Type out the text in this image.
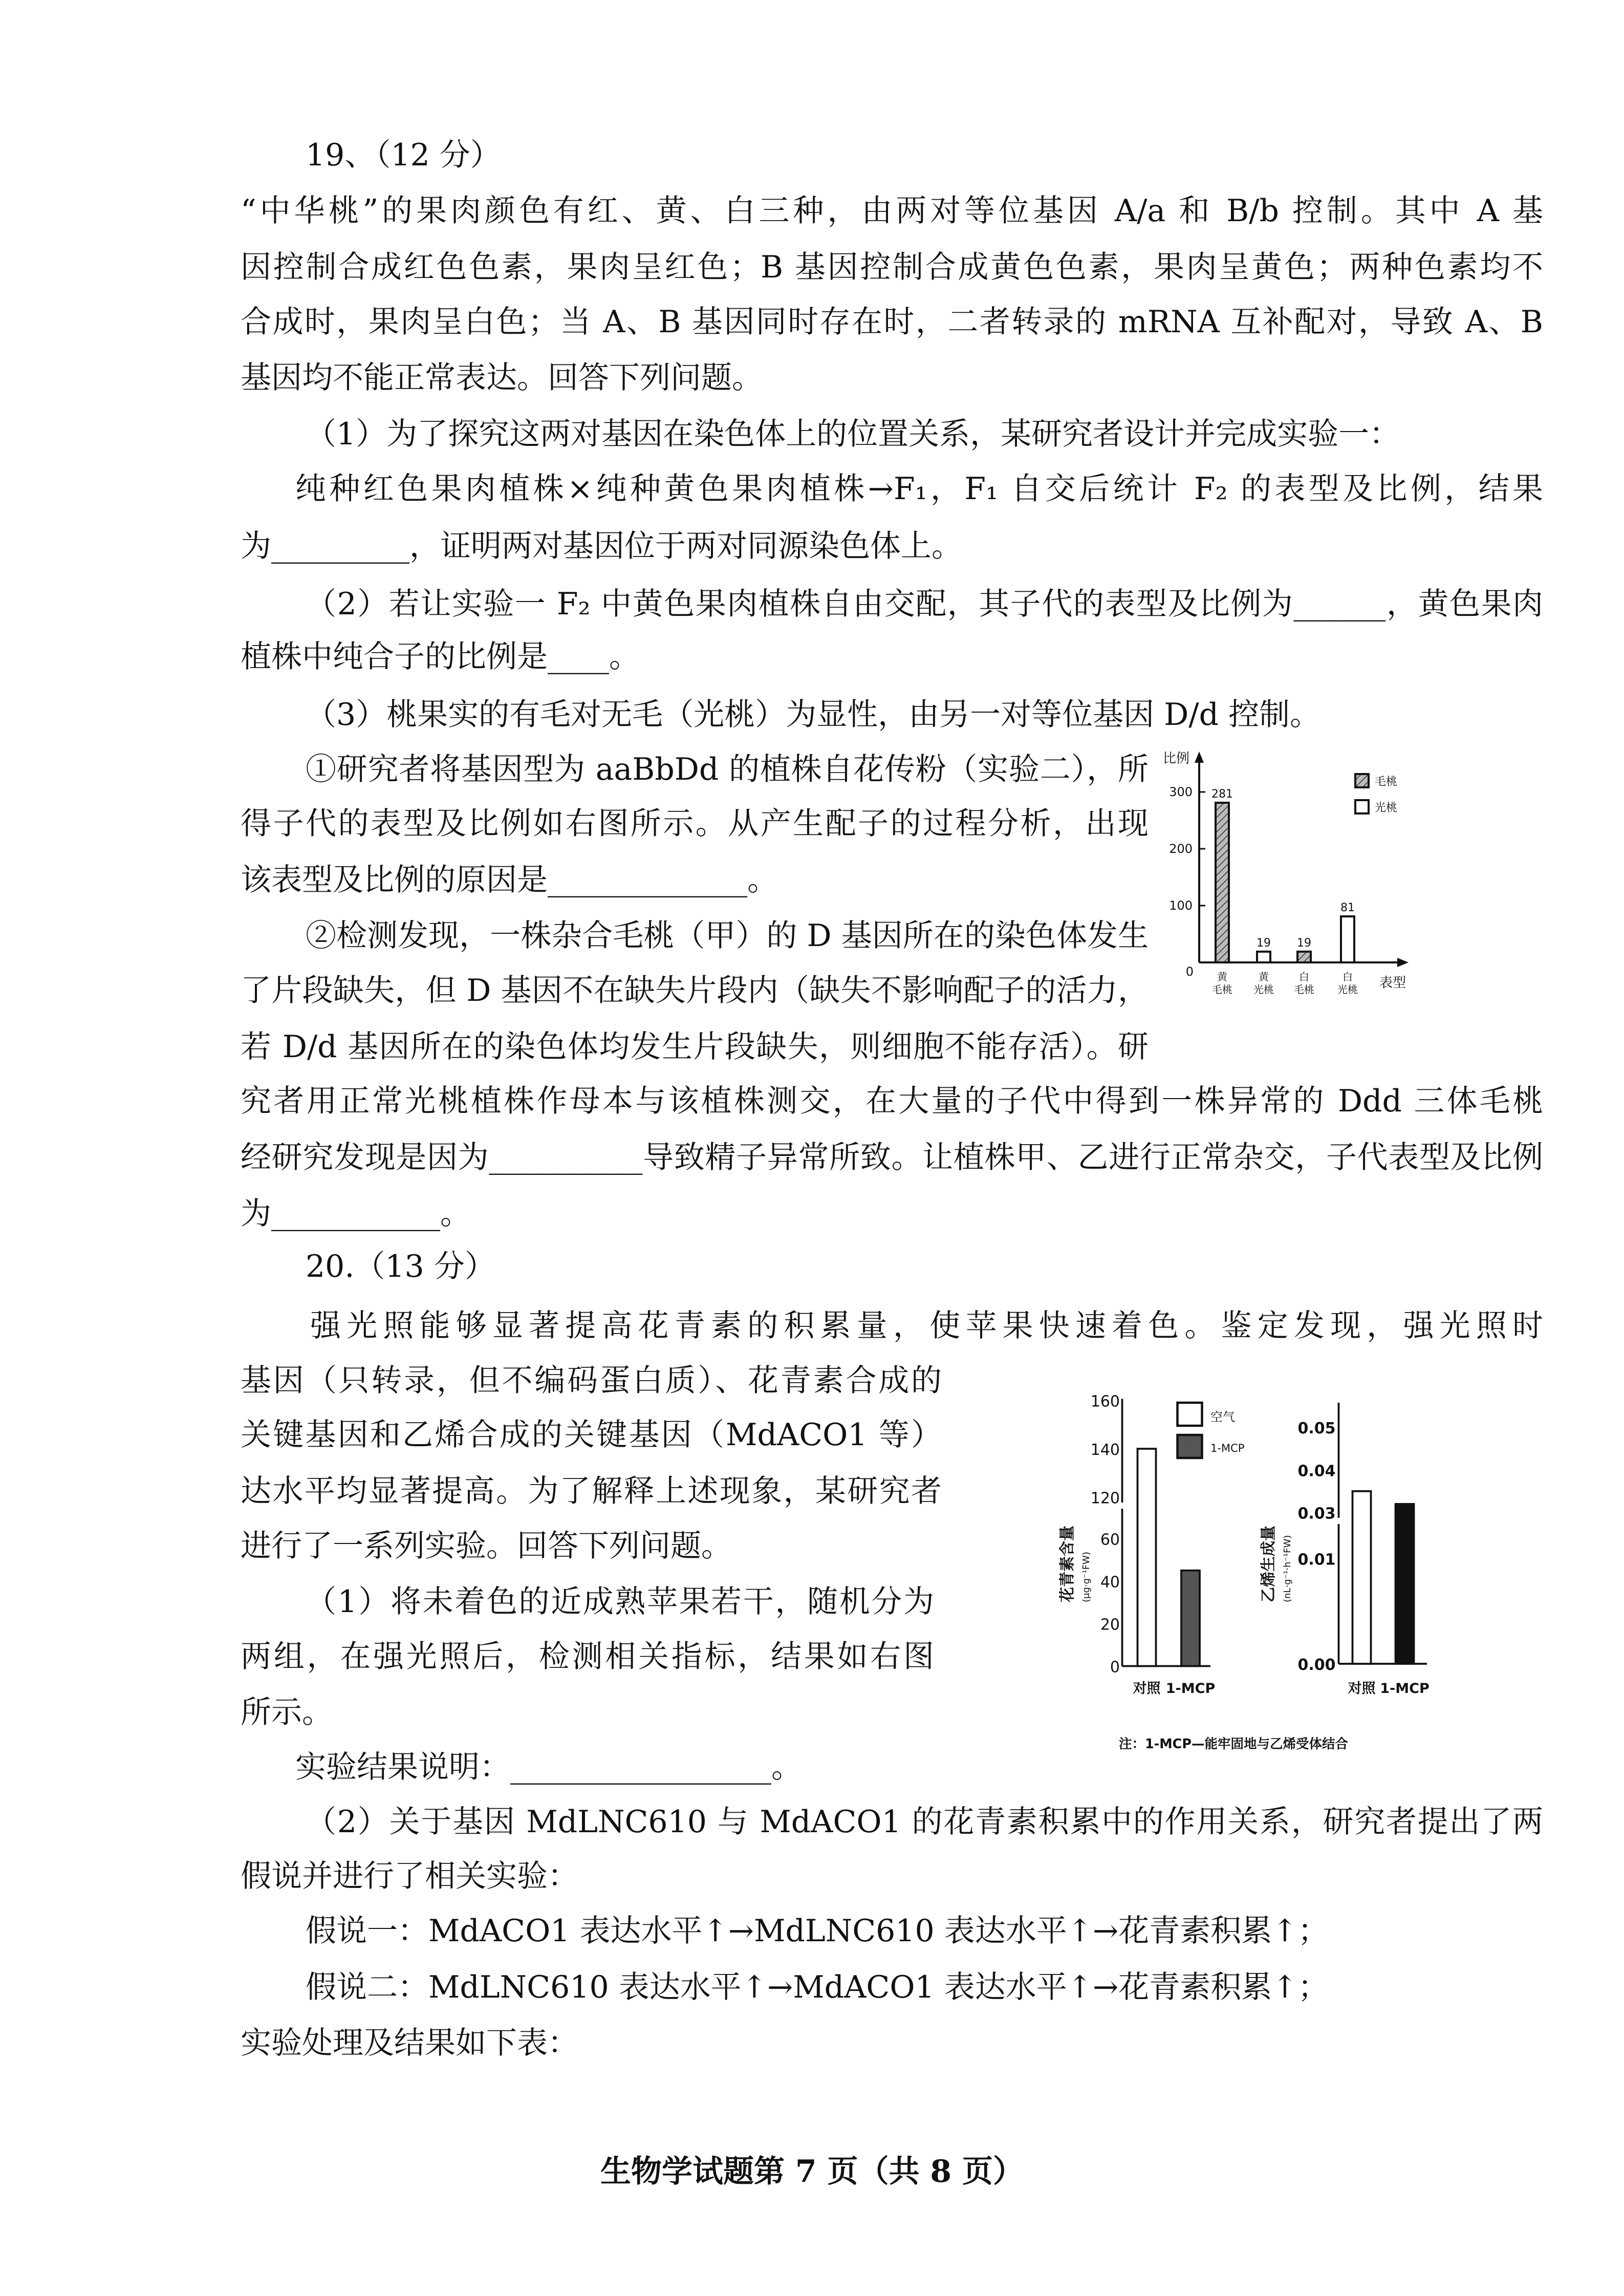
19、（12 分）
“中华桃”的果肉颜色有红、黄、白三种，由两对等位基因 A/a 和 B/b 控制。其中 A 基
因控制合成红色色素，果肉呈红色；B 基因控制合成黄色色素，果肉呈黄色；两种色素均不
合成时，果肉呈白色；当 A、B 基因同时存在时，二者转录的 mRNA 互补配对，导致 A、B
基因均不能正常表达。回答下列问题。
（1）为了探究这两对基因在染色体上的位置关系，某研究者设计并完成实验一：
纯种红色果肉植株×纯种黄色果肉植株→F₁，F₁ 自交后统计 F₂ 的表型及比例，结果
为_________，证明两对基因位于两对同源染色体上。
（2）若让实验一 F₂ 中黄色果肉植株自由交配，其子代的表型及比例为______，黄色果肉
植株中纯合子的比例是____。
（3）桃果实的有毛对无毛（光桃）为显性，由另一对等位基因 D/d 控制。
①研究者将基因型为 aaBbDd 的植株自花传粉（实验二），所
得子代的表型及比例如右图所示。从产生配子的过程分析，出现
该表型及比例的原因是_____________。
②检测发现，一株杂合毛桃（甲）的 D 基因所在的染色体发生
了片段缺失，但 D 基因不在缺失片段内（缺失不影响配子的活力，
若 D/d 基因所在的染色体均发生片段缺失，则细胞不能存活）。研
究者用正常光桃植株作母本与该植株测交，在大量的子代中得到一株异常的 Ddd 三体毛桃
经研究发现是因为__________导致精子异常所致。让植株甲、乙进行正常杂交，子代表型及比例
为___________。
20.（13 分）
强光照能够显著提高花青素的积累量，使苹果快速着色。鉴定发现，强光照时
基因（只转录，但不编码蛋白质）、花青素合成的
关键基因和乙烯合成的关键基因（MdACO1 等）
达水平均显著提高。为了解释上述现象，某研究者
进行了一系列实验。回答下列问题。
（1）将未着色的近成熟苹果若干，随机分为
两组，在强光照后，检测相关指标，结果如右图
所示。
实验结果说明：_________________。
（2）关于基因 MdLNC610 与 MdACO1 的花青素积累中的作用关系，研究者提出了两
假说并进行了相关实验：
假说一：MdACO1 表达水平↑→MdLNC610 表达水平↑→花青素积累↑；
假说二：MdLNC610 表达水平↑→MdACO1 表达水平↑→花青素积累↑；
实验处理及结果如下表：
比例
表型
0
100
200
300 281
黄
毛桃
19
黄
光桃
19
白
毛桃
81
白
光桃
毛桃
光桃
0
20
40
60
120
140
160
花青素含量 (μg·g⁻¹FW)
对照 1-MCP
空气
1-MCP
0.00
0.01
0.03
0.04
0.05
乙烯生成量 (nL·g⁻¹·h⁻¹FW)
对照 1-MCP
注：1-MCP—能牢固地与乙烯受体结合
生物学试题第 7 页（共 8 页）
